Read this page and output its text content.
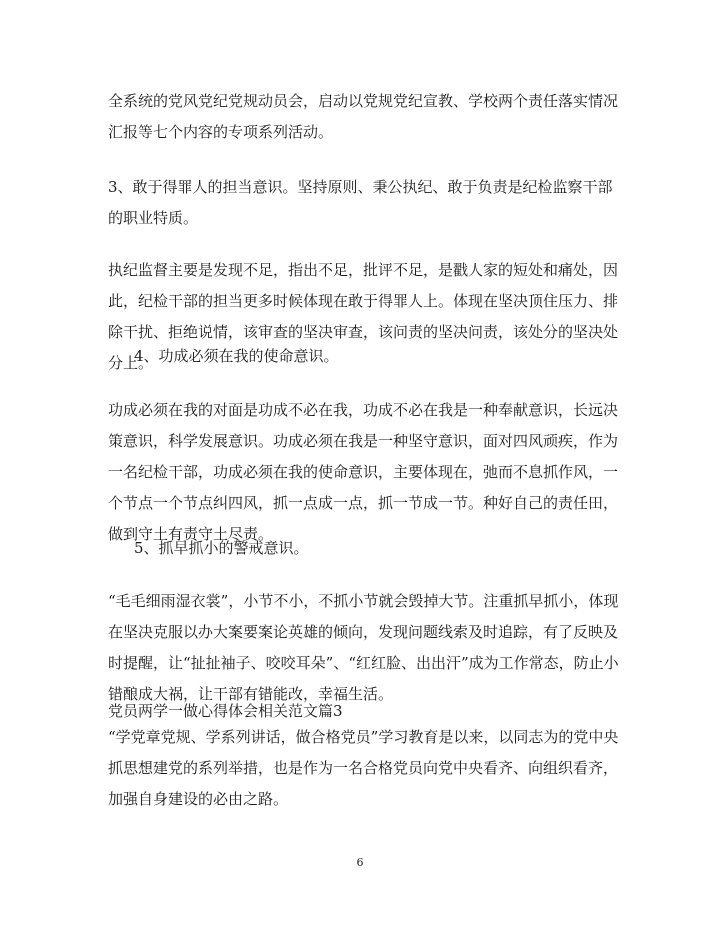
全系统的党风党纪党规动员会，启动以党规党纪宣教、学校两个责任落实情况汇报等七个内容的专项系列活动。

3、敢于得罪人的担当意识。坚持原则、秉公执纪、敢于负责是纪检监察干部的职业特质。

执纪监督主要是发现不足，指出不足，批评不足，是戳人家的短处和痛处，因此，纪检干部的担当更多时候体现在敢于得罪人上。体现在坚决顶住压力、排除干扰、拒绝说情，该审查的坚决审查，该问责的坚决问责，该处分的坚决处分上。

4、功成必须在我的使命意识。

功成必须在我的对面是功成不必在我，功成不必在我是一种奉献意识，长远决策意识，科学发展意识。功成必须在我是一种坚守意识，面对四风顽疾，作为一名纪检干部，功成必须在我的使命意识，主要体现在，弛而不息抓作风，一个节点一个节点纠四风，抓一点成一点，抓一节成一节。种好自己的责任田，做到守土有责守土尽责。

5、抓早抓小的警戒意识。

“毛毛细雨湿衣裳”，小节不小，不抓小节就会毁掉大节。注重抓早抓小，体现在坚决克服以办大案要案论英雄的倾向，发现问题线索及时追踪，有了反映及时提醒，让“扯扯袖子、咬咬耳朵”、“红红脸、出出汗”成为工作常态，防止小错酿成大祸，让干部有错能改，幸福生活。

党员两学一做心得体会相关范文篇3

“学党章党规、学系列讲话，做合格党员”学习教育是以来，以同志为的党中央抓思想建党的系列举措，也是作为一名合格党员向党中央看齐、向组织看齐，加强自身建设的必由之路。

6
